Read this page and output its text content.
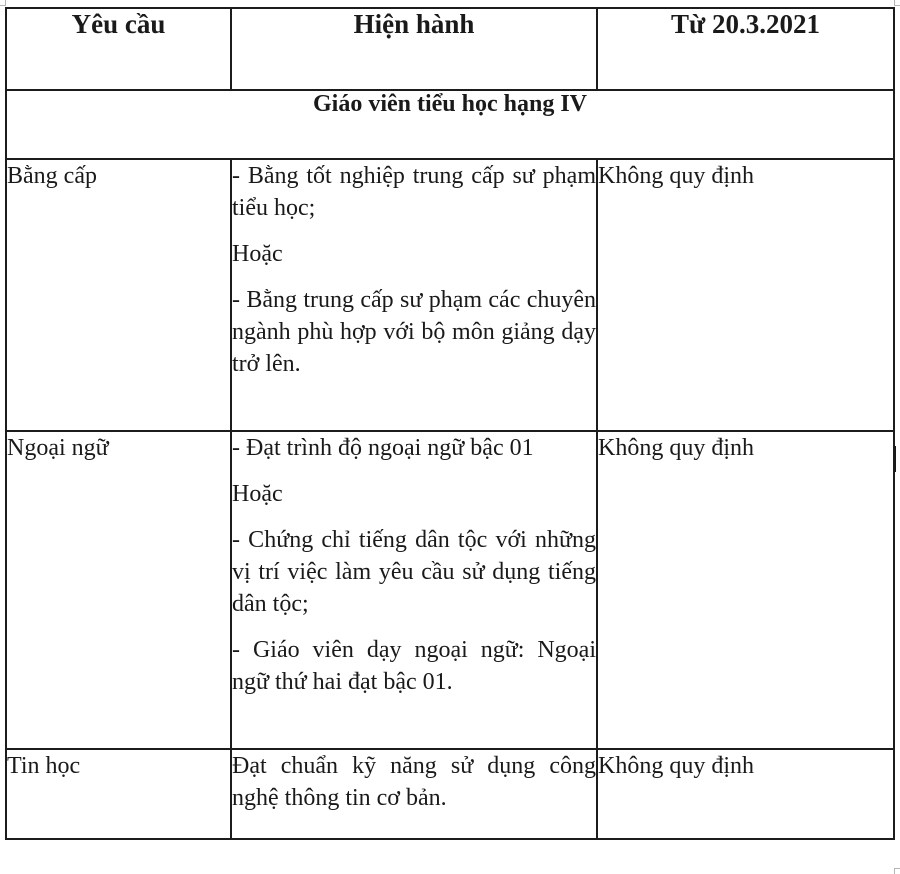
Yêu cầu	Hiện hành	Từ 20.3.2021
Giáo viên tiểu học hạng IV		
Bằng cấp	- Bằng tốt nghiệp trung cấp sư phạm tiểu học;

Hoặc

- Bằng trung cấp sư phạm các chuyên ngành phù hợp với bộ môn giảng dạy trở lên.	Không quy định
Ngoại ngữ	- Đạt trình độ ngoại ngữ bậc 01

Hoặc

- Chứng chỉ tiếng dân tộc với những vị trí việc làm yêu cầu sử dụng tiếng dân tộc;

- Giáo viên dạy ngoại ngữ: Ngoại ngữ thứ hai đạt bậc 01.	Không quy định
Tin học	Đạt chuẩn kỹ năng sử dụng công nghệ thông tin cơ bản.	Không quy định
